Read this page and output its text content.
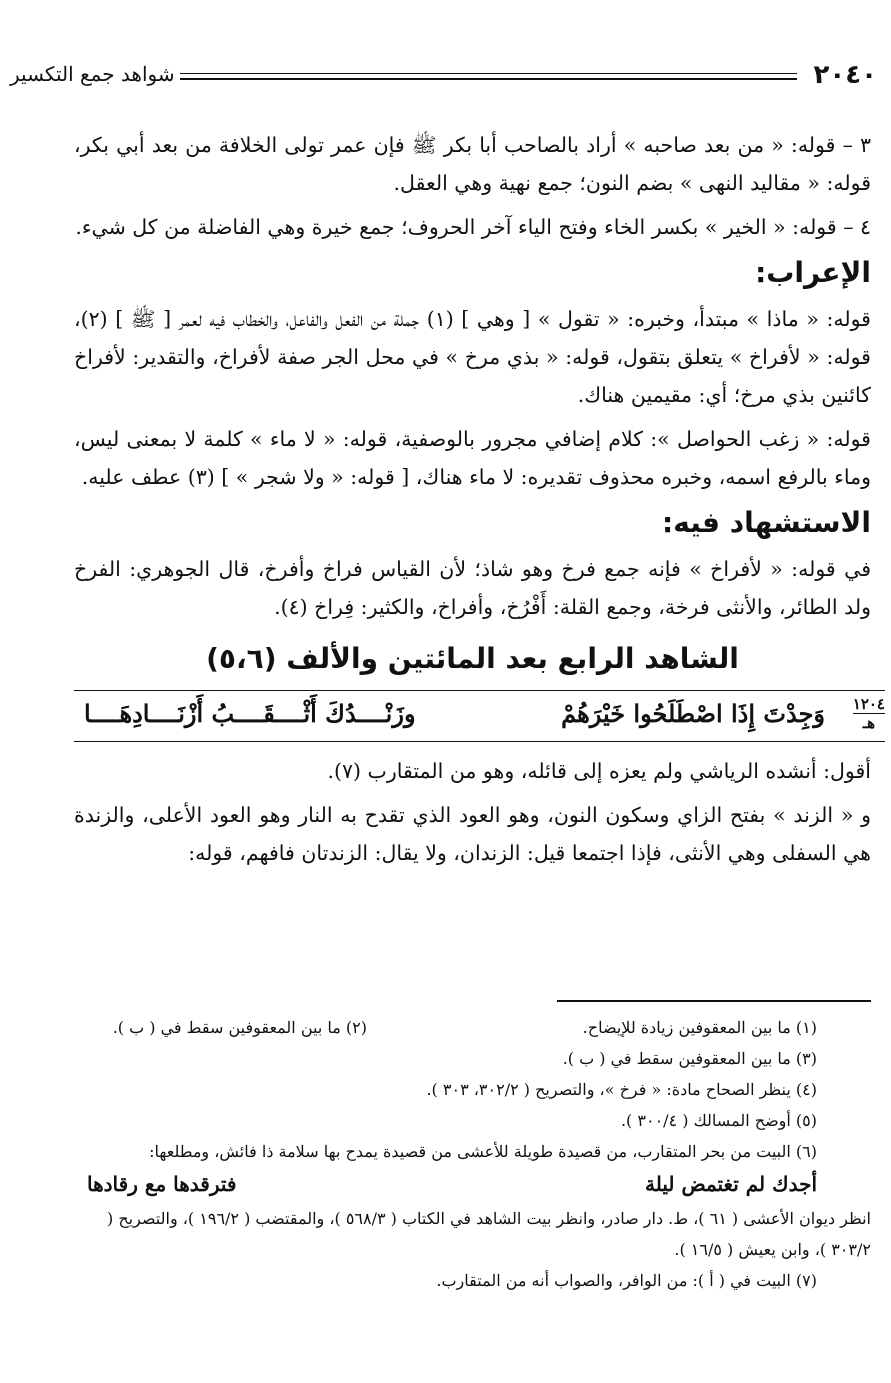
٢٠٤٠
شواهد جمع التكسير

٣ – قوله: « من بعد صاحبه » أراد بالصاحب أبا بكر ﷺ فإن عمر تولى الخلافة من بعد أبي بكر، قوله: « مقاليد النهى » بضم النون؛ جمع نهية وهي العقل.

٤ – قوله: « الخير » بكسر الخاء وفتح الياء آخر الحروف؛ جمع خيرة وهي الفاضلة من كل شيء.

الإعراب:

قوله: « ماذا » مبتدأ، وخبره: « تقول » [ وهي ] (١) جملة من الفعل والفاعل، والخطاب فيه لعمر [ ﷺ ] (٢)، قوله: « لأفراخ » يتعلق بتقول، قوله: « بذي مرخ » في محل الجر صفة لأفراخ، والتقدير: لأفراخ كائنين بذي مرخ؛ أي: مقيمين هناك.

قوله: « زغب الحواصل »: كلام إضافي مجرور بالوصفية، قوله: « لا ماء » كلمة لا بمعنى ليس، وماء بالرفع اسمه، وخبره محذوف تقديره: لا ماء هناك، [ قوله: « ولا شجر » ] (٣) عطف عليه.

الاستشهاد فيه:

في قوله: « لأفراخ » فإنه جمع فرخ وهو شاذ؛ لأن القياس فراخ وأفرخ، قال الجوهري: الفرخ ولد الطائر، والأنثى فرخة، وجمع القلة: أَفْرُخ، وأفراخ، والكثير: فِراخ (٤).

الشاهد الرابع بعد المائتين والألف (٥،٦)
١٢٠٤
هـ
وَجِدْتَ إِذَا اصْطَلَحُوا خَيْرَهُمْ
وزَنْــــدُكَ أَثْــــقَــــبُ أَزْنَــــادِهَــــا

أقول: أنشده الرياشي ولم يعزه إلى قائله، وهو من المتقارب (٧).

و « الزند » بفتح الزاي وسكون النون، وهو العود الذي تقدح به النار وهو العود الأعلى، والزندة هي السفلى وهي الأنثى، فإذا اجتمعا قيل: الزندان، ولا يقال: الزندتان فافهم، قوله:

(١) ما بين المعقوفين زيادة للإيضاح.
(٢) ما بين المعقوفين سقط في ( ب ).
(٣) ما بين المعقوفين سقط في ( ب ).
(٤) ينظر الصحاح مادة: « فرخ »، والتصريح ( ٣٠٢/٢، ٣٠٣ ).
(٥) أوضح المسالك ( ٣٠٠/٤ ).
(٦) البيت من بحر المتقارب، من قصيدة طويلة للأعشى من قصيدة يمدح بها سلامة ذا فائش، ومطلعها:
أجدك لم تغتمض ليلة
فترقدها مع رقادها
انظر ديوان الأعشى ( ٦١ )، ط. دار صادر، وانظر بيت الشاهد في الكتاب ( ٥٦٨/٣ )، والمقتضب ( ١٩٦/٢ )، والتصريح ( ٣٠٣/٢ )، وابن يعيش ( ١٦/٥ ).
(٧) البيت في ( أ ): من الوافر، والصواب أنه من المتقارب.
